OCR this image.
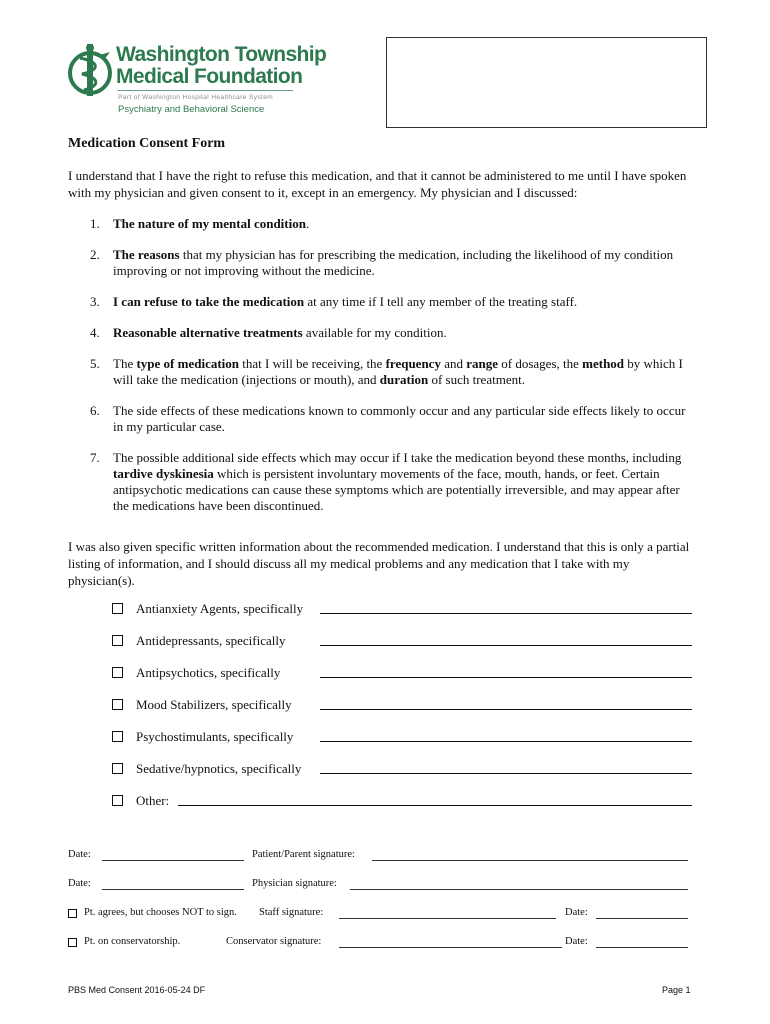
Washington Township
Medical Foundation
Part of Washington Hospital Healthcare System
Psychiatry and Behavioral Science
Medication Consent Form
I understand that I have the right to refuse this medication, and that it cannot be administered to me until I have spoken with my physician and given consent to it, except in an emergency. My physician and I discussed:
1. The nature of my mental condition.
2. The reasons that my physician has for prescribing the medication, including the likelihood of my condition improving or not improving without the medicine.
3. I can refuse to take the medication at any time if I tell any member of the treating staff.
4. Reasonable alternative treatments available for my condition.
5. The type of medication that I will be receiving, the frequency and range of dosages, the method by which I will take the medication (injections or mouth), and duration of such treatment.
6. The side effects of these medications known to commonly occur and any particular side effects likely to occur in my particular case.
7. The possible additional side effects which may occur if I take the medication beyond these months, including tardive dyskinesia which is persistent involuntary movements of the face, mouth, hands, or feet. Certain antipsychotic medications can cause these symptoms which are potentially irreversible, and may appear after the medications have been discontinued.
I was also given specific written information about the recommended medication. I understand that this is only a partial listing of information, and I should discuss all my medical problems and any medication that I take with my physician(s).
Antianxiety Agents, specifically
Antidepressants, specifically
Antipsychotics, specifically
Mood Stabilizers, specifically
Psychostimulants, specifically
Sedative/hypnotics, specifically
Other:
Date:	Patient/Parent signature:
Date:	Physician signature:
Pt. agrees, but chooses NOT to sign. Staff signature:	Date:
Pt. on conservatorship.	Conservator signature:	Date:
PBS Med Consent 2016-05-24 DF	Page 1
